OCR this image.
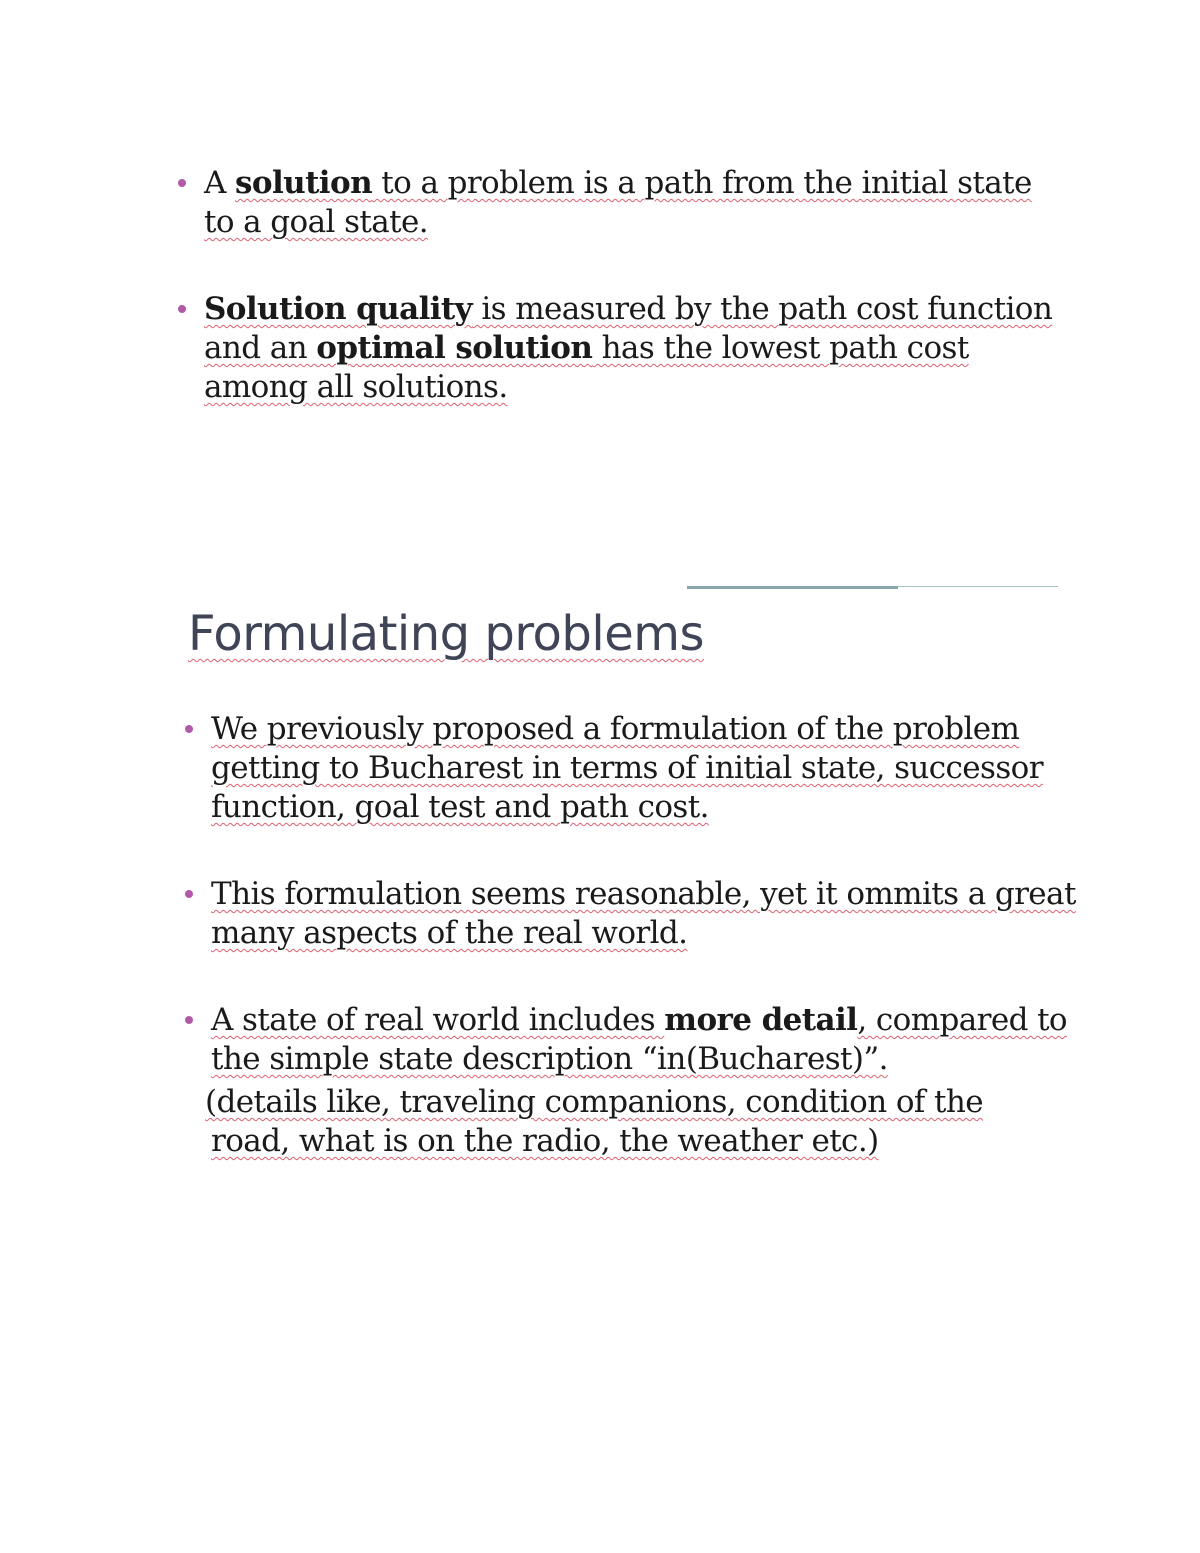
A solution to a problem is a path from the initial state
to a goal state.
Solution quality is measured by the path cost function
and an optimal solution has the lowest path cost
among all solutions.
Formulating problems
We previously proposed a formulation of the problem
getting to Bucharest in terms of initial state, successor
function, goal test and path cost.
This formulation seems reasonable, yet it ommits a great
many aspects of the real world.
A state of real world includes more detail, compared to
the simple state description “in(Bucharest)”.
(details like, traveling companions, condition of the
road, what is on the radio, the weather etc.)
